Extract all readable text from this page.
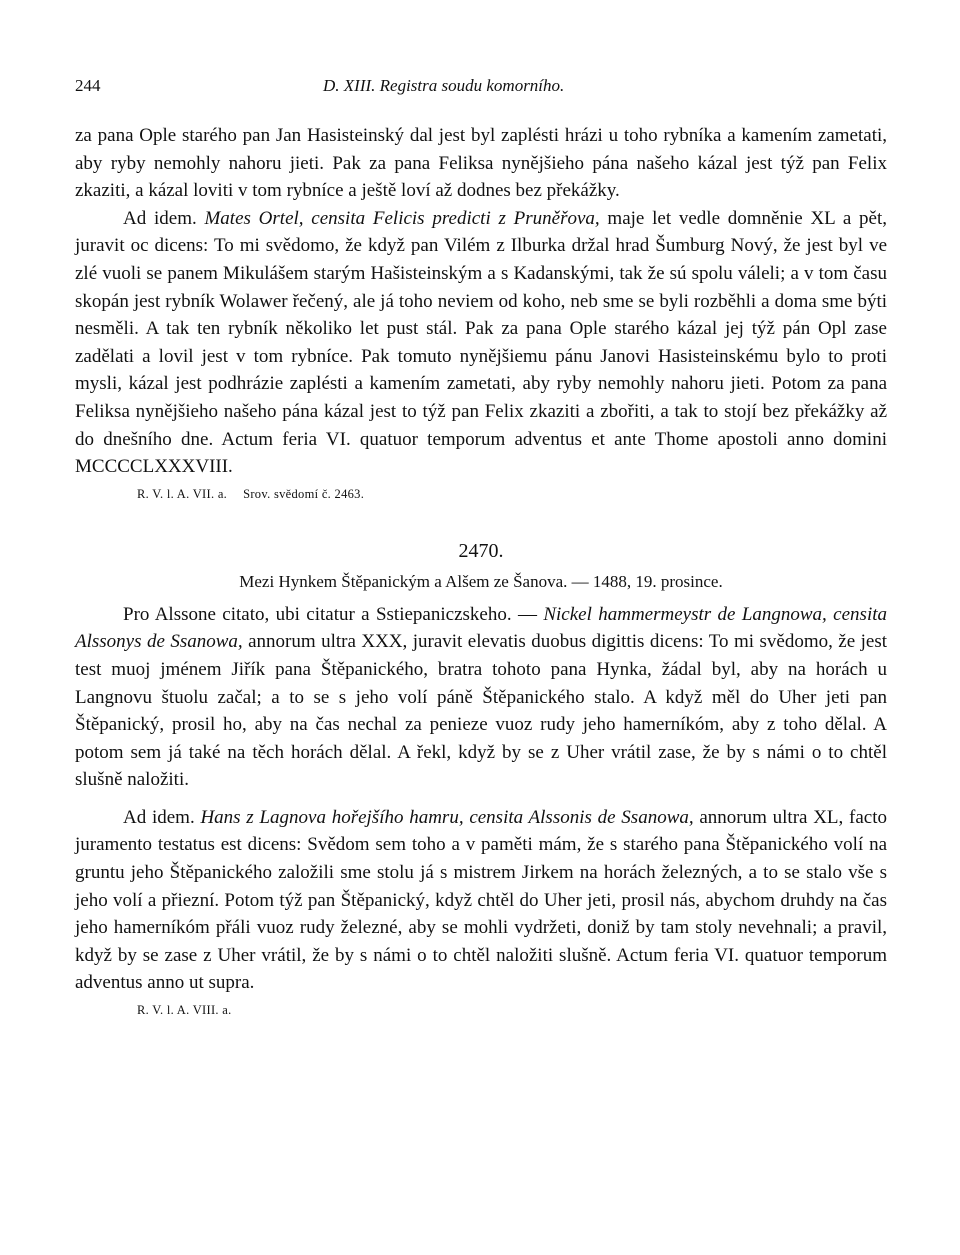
244	D. XIII. Registra soudu komorního.

za pana Ople starého pan Jan Hasisteinský dal jest byl zaplésti hrázi u toho rybníka a kamením zametati, aby ryby nemohly nahoru jieti. Pak za pana Feliksa nynějšieho pána našeho kázal jest týž pan Felix zkaziti, a kázal loviti v tom rybníce a ještě loví až dodnes bez překážky.

Ad idem. Mates Ortel, censita Felicis predicti z Pruněřova, maje let vedle domněnie XL a pět, juravit oc dicens: To mi svědomo, že když pan Vilém z Ilburka držal hrad Šumburg Nový, že jest byl ve zlé vuoli se panem Mikulášem starým Hašisteinským a s Kadanskými, tak že sú spolu váleli; a v tom času skopán jest rybník Wolawer řečený, ale já toho neviem od koho, neb sme se byli rozběhli a doma sme býti nesměli. A tak ten rybník několiko let pust stál. Pak za pana Ople starého kázal jej týž pán Opl zase zadělati a lovil jest v tom rybníce. Pak tomuto nynějšiemu pánu Janovi Hasisteinskému bylo to proti mysli, kázal jest podhrázie zaplésti a kamením zametati, aby ryby nemohly nahoru jieti. Potom za pana Feliksa nynějšieho našeho pána kázal jest to týž pan Felix zkaziti a zbořiti, a tak to stojí bez překážky až do dnešního dne. Actum feria VI. quatuor temporum adventus et ante Thome apostoli anno domini MCCCCLXXXVIII.

R. V. l. A. VII. a. Srov. svědomí č. 2463.
2470.
Mezi Hynkem Štěpanickým a Alšem ze Šanova. — 1488, 19. prosince.

Pro Alssone citato, ubi citatur a Sstiepaniczskeho. — Nickel hammermeystr de Langnowa, censita Alssonys de Ssanowa, annorum ultra XXX, juravit elevatis duobus digittis dicens: To mi svědomo, že jest test muoj jménem Jiřík pana Štěpanického, bratra tohoto pana Hynka, žádal byl, aby na horách u Langnovu štuolu začal; a to se s jeho volí páně Štěpanického stalo. A když měl do Uher jeti pan Štěpanický, prosil ho, aby na čas nechal za penieze vuoz rudy jeho hamerníkóm, aby z toho dělal. A potom sem já také na těch horách dělal. A řekl, když by se z Uher vrátil zase, že by s námi o to chtěl slušně naložiti.

Ad idem. Hans z Lagnova hořejšího hamru, censita Alssonis de Ssanowa, annorum ultra XL, facto juramento testatus est dicens: Svědom sem toho a v paměti mám, že s starého pana Štěpanického volí na gruntu jeho Štěpanického založili sme stolu já s mistrem Jirkem na horách železných, a to se stalo vše s jeho volí a přiezní. Potom týž pan Štěpanický, když chtěl do Uher jeti, prosil nás, abychom druhdy na čas jeho hamerníkóm přáli vuoz rudy železné, aby se mohli vydržeti, doniž by tam stoly nevehnali; a pravil, když by se zase z Uher vrátil, že by s námi o to chtěl naložiti slušně. Actum feria VI. quatuor temporum adventus anno ut supra.

R. V. l. A. VIII. a.
